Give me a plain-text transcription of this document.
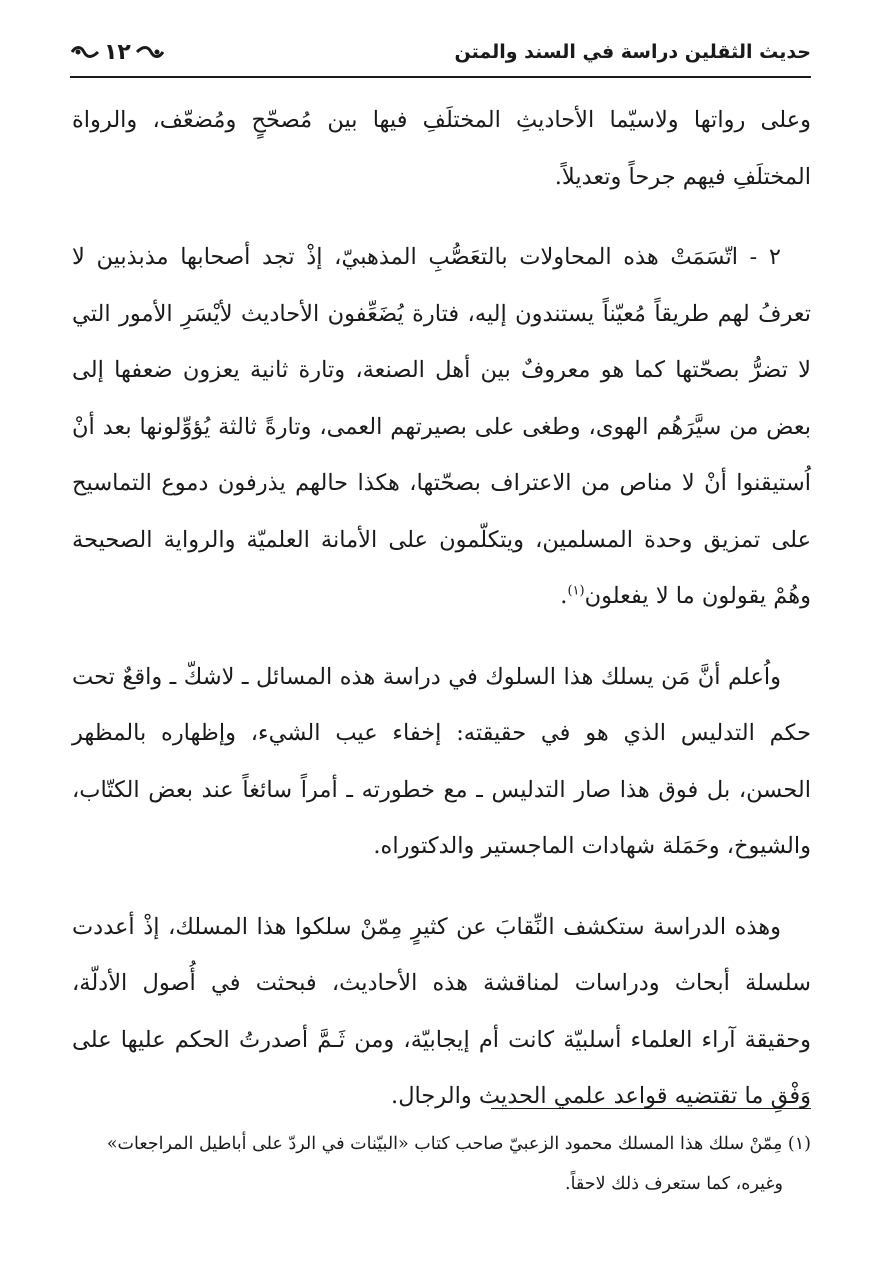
حديث الثقلين دراسة في السند والمتن
١٢

وعلى رواتها ولاسيّما الأحاديثِ المختلَفِ فيها بين مُصحّحٍ ومُضعّف، والرواة المختلَفِ فيهم جرحاً وتعديلاً.

٢ - اتّسَمَتْ هذه المحاولات بالتعَصُّبِ المذهبيّ، إذْ تجد أصحابها مذبذبين لا تعرفُ لهم طريقاً مُعيّناً يستندون إليه، فتارة يُضَعِّفون الأحاديث لأيْسَرِ الأمور التي لا تضرُّ بصحّتها كما هو معروفٌ بين أهل الصنعة، وتارة ثانية يعزون ضعفها إلى بعض من سيَّرَهُم الهوى، وطغى على بصيرتهم العمى، وتارةً ثالثة يُؤوِّلونها بعد أنْ اُستيقنوا أنْ لا مناص من الاعتراف بصحّتها، هكذا حالهم يذرفون دموع التماسيح على تمزيق وحدة المسلمين، ويتكلّمون على الأمانة العلميّة والرواية الصحيحة وهُمْ يقولون ما لا يفعلون$^{(١)}$.

واُعلم أنَّ مَن يسلك هذا السلوك في دراسة هذه المسائل ـ لاشكّ ـ واقعٌ تحت حكم التدليس الذي هو في حقيقته: إخفاء عيب الشيء، وإظهاره بالمظهر الحسن، بل فوق هذا صار التدليس ـ مع خطورته ـ أمراً سائغاً عند بعض الكتّاب، والشيوخ، وحَمَلة شهادات الماجستير والدكتوراه.

وهذه الدراسة ستكشف النِّقابَ عن كثيرٍ مِمّنْ سلكوا هذا المسلك، إذْ أعددت سلسلة أبحاث ودراسات لمناقشة هذه الأحاديث، فبحثت في أُصول الأدلّة، وحقيقة آراء العلماء أسلبيّة كانت أم إيجابيّة، ومن ثَـمَّ أصدرتُ الحكم عليها على وَفْقِ ما تقتضيه قواعد علمي الحديث والرجال.

(١) مِمّنْ سلك هذا المسلك محمود الزعبيّ صاحب كتاب «البيّنات في الردّ على أباطيل المراجعات»

وغيره، كما ستعرف ذلك لاحقاً.
